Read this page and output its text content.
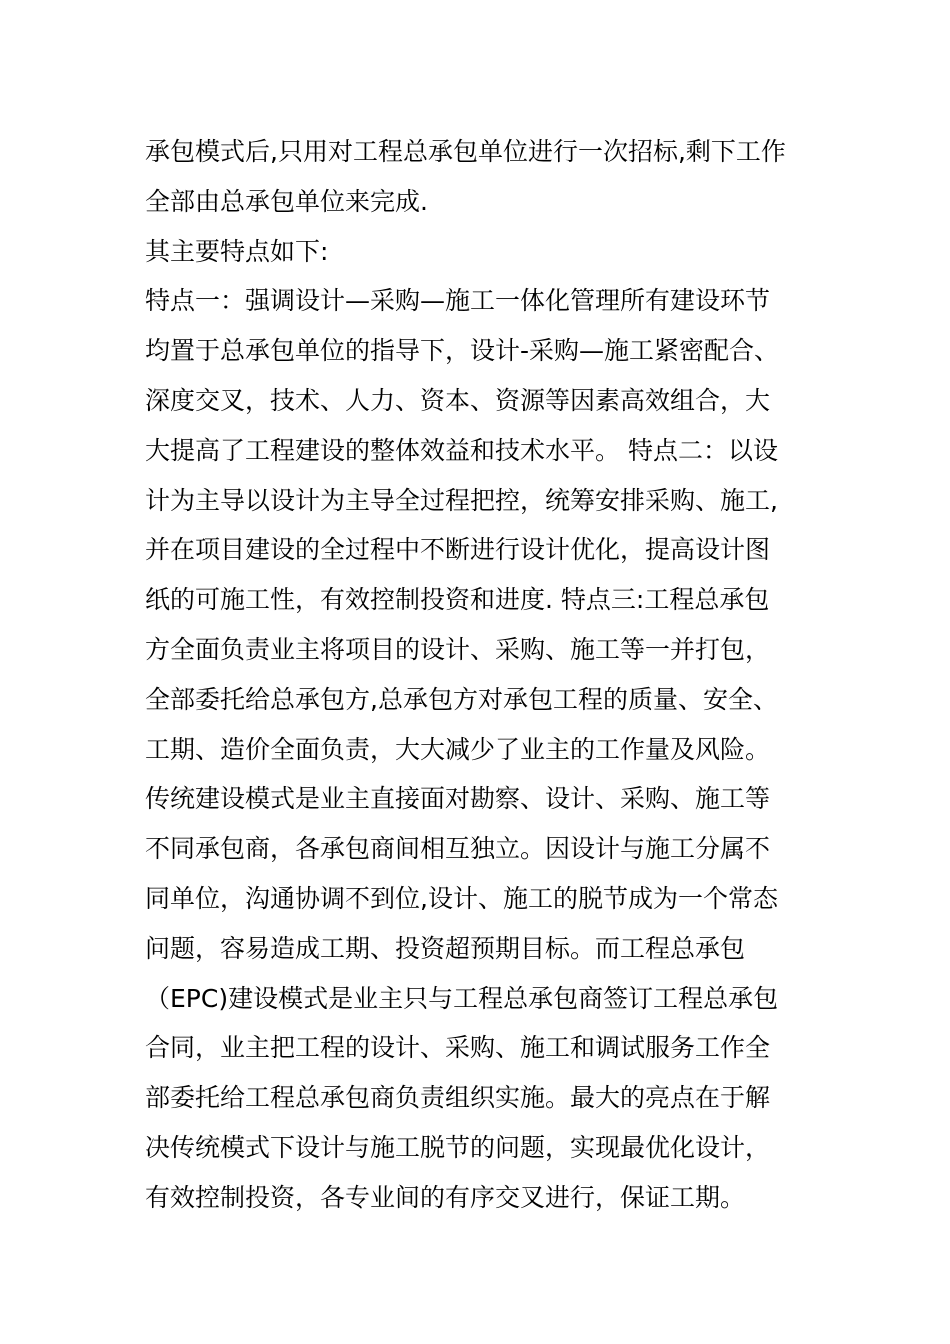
承包模式后,只用对工程总承包单位进行一次招标,剩下工作
全部由总承包单位来完成.
其主要特点如下:
特点一：强调设计—采购—施工一体化管理所有建设环节
均置于总承包单位的指导下，设计-采购—施工紧密配合、
深度交叉，技术、人力、资本、资源等因素高效组合，大
大提高了工程建设的整体效益和技术水平。 特点二：以设
计为主导以设计为主导全过程把控，统筹安排采购、施工,
并在项目建设的全过程中不断进行设计优化，提高设计图
纸的可施工性，有效控制投资和进度. 特点三:工程总承包
方全面负责业主将项目的设计、采购、施工等一并打包，
全部委托给总承包方,总承包方对承包工程的质量、安全、
工期、造价全面负责，大大减少了业主的工作量及风险。
传统建设模式是业主直接面对勘察、设计、采购、施工等
不同承包商，各承包商间相互独立。因设计与施工分属不
同单位，沟通协调不到位,设计、施工的脱节成为一个常态
问题，容易造成工期、投资超预期目标。而工程总承包
（EPC)建设模式是业主只与工程总承包商签订工程总承包
合同，业主把工程的设计、采购、施工和调试服务工作全
部委托给工程总承包商负责组织实施。最大的亮点在于解
决传统模式下设计与施工脱节的问题，实现最优化设计，
有效控制投资，各专业间的有序交叉进行，保证工期。
